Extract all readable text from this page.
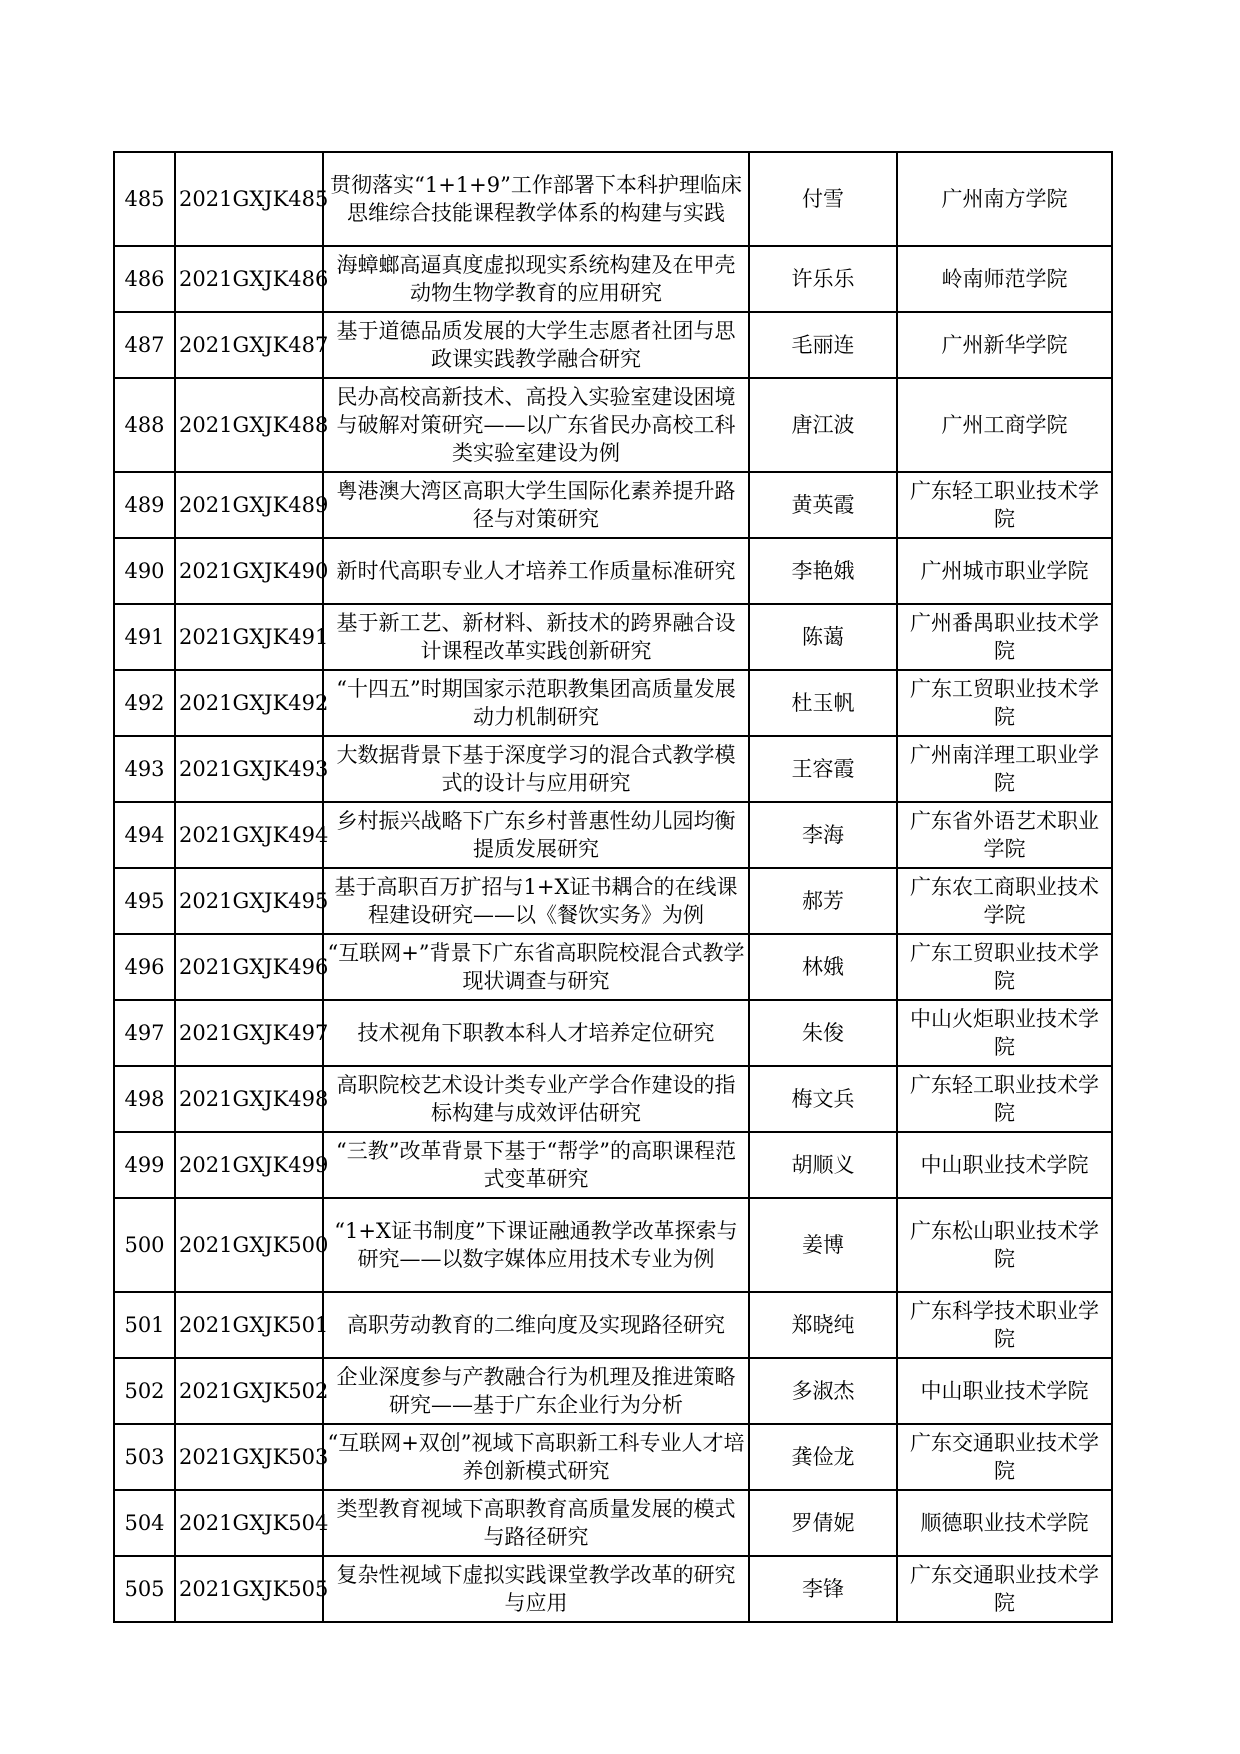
485	2021GXJK485	贯彻落实“1+1+9”工作部署下本科护理临床思维综合技能课程教学体系的构建与实践	付雪	广州南方学院
486	2021GXJK486	海蟑螂高逼真度虚拟现实系统构建及在甲壳动物生物学教育的应用研究	许乐乐	岭南师范学院
487	2021GXJK487	基于道德品质发展的大学生志愿者社团与思政课实践教学融合研究	毛丽连	广州新华学院
488	2021GXJK488	民办高校高新技术、高投入实验室建设困境与破解对策研究——以广东省民办高校工科类实验室建设为例	唐江波	广州工商学院
489	2021GXJK489	粤港澳大湾区高职大学生国际化素养提升路径与对策研究	黄英霞	广东轻工职业技术学院
490	2021GXJK490	新时代高职专业人才培养工作质量标准研究	李艳娥	广州城市职业学院
491	2021GXJK491	基于新工艺、新材料、新技术的跨界融合设计课程改革实践创新研究	陈蔼	广州番禺职业技术学院
492	2021GXJK492	“十四五”时期国家示范职教集团高质量发展动力机制研究	杜玉帆	广东工贸职业技术学院
493	2021GXJK493	大数据背景下基于深度学习的混合式教学模式的设计与应用研究	王容霞	广州南洋理工职业学院
494	2021GXJK494	乡村振兴战略下广东乡村普惠性幼儿园均衡提质发展研究	李海	广东省外语艺术职业学院
495	2021GXJK495	基于高职百万扩招与1+X证书耦合的在线课程建设研究——以《餐饮实务》为例	郝芳	广东农工商职业技术学院
496	2021GXJK496	“互联网+”背景下广东省高职院校混合式教学现状调查与研究	林娥	广东工贸职业技术学院
497	2021GXJK497	技术视角下职教本科人才培养定位研究	朱俊	中山火炬职业技术学院
498	2021GXJK498	高职院校艺术设计类专业产学合作建设的指标构建与成效评估研究	梅文兵	广东轻工职业技术学院
499	2021GXJK499	“三教”改革背景下基于“帮学”的高职课程范式变革研究	胡顺义	中山职业技术学院
500	2021GXJK500	“1+X证书制度”下课证融通教学改革探索与研究——以数字媒体应用技术专业为例	姜博	广东松山职业技术学院
501	2021GXJK501	高职劳动教育的二维向度及实现路径研究	郑晓纯	广东科学技术职业学院
502	2021GXJK502	企业深度参与产教融合行为机理及推进策略研究——基于广东企业行为分析	多淑杰	中山职业技术学院
503	2021GXJK503	“互联网+双创”视域下高职新工科专业人才培养创新模式研究	龚俭龙	广东交通职业技术学院
504	2021GXJK504	类型教育视域下高职教育高质量发展的模式与路径研究	罗倩妮	顺德职业技术学院
505	2021GXJK505	复杂性视域下虚拟实践课堂教学改革的研究与应用	李锋	广东交通职业技术学院
